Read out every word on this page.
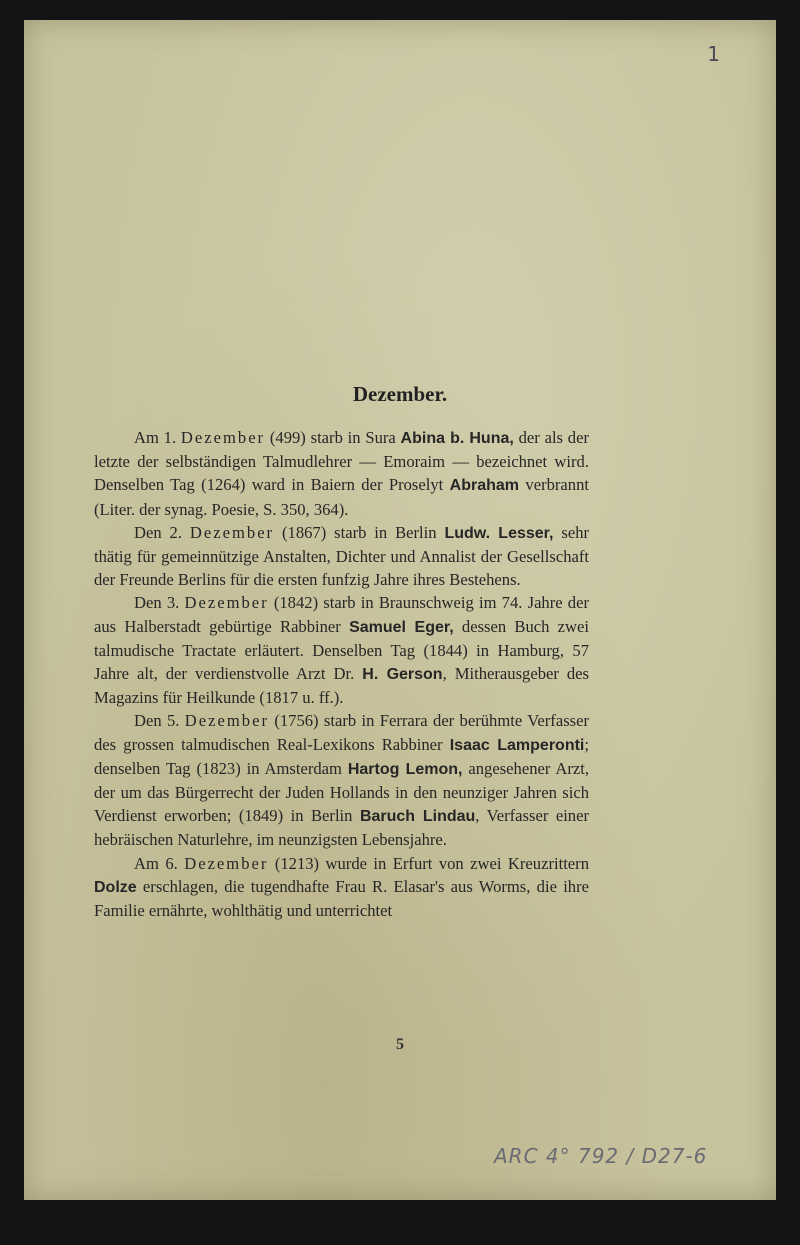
1
Dezember.

Am 1. Dezember (499) starb in Sura Abina b. Huna, der als der letzte der selbständigen Talmudlehrer — Emoraim — bezeichnet wird. Denselben Tag (1264) ward in Baiern der Proselyt Abraham verbrannt (Liter. der synag. Poesie, S. 350, 364).

Den 2. Dezember (1867) starb in Berlin Ludw. Lesser, sehr thätig für gemeinnützige Anstalten, Dichter und Annalist der Gesellschaft der Freunde Berlins für die ersten funfzig Jahre ihres Bestehens.

Den 3. Dezember (1842) starb in Braunschweig im 74. Jahre der aus Halberstadt gebürtige Rabbiner Samuel Eger, dessen Buch zwei talmudische Tractate erläutert. Denselben Tag (1844) in Hamburg, 57 Jahre alt, der verdienstvolle Arzt Dr. H. Gerson, Mitherausgeber des Magazins für Heilkunde (1817 u. ff.).

Den 5. Dezember (1756) starb in Ferrara der berühmte Verfasser des grossen talmudischen Real-Lexikons Rabbiner Isaac Lamperonti; denselben Tag (1823) in Amsterdam Hartog Lemon, angesehener Arzt, der um das Bürgerrecht der Juden Hollands in den neunziger Jahren sich Verdienst erworben; (1849) in Berlin Baruch Lindau, Verfasser einer hebräischen Naturlehre, im neunzigsten Lebensjahre.

Am 6. Dezember (1213) wurde in Erfurt von zwei Kreuzrittern Dolze erschlagen, die tugendhafte Frau R. Elasar's aus Worms, die ihre Familie ernährte, wohlthätig und unterrichtet

5
ARC 4° 792 / D27-6
